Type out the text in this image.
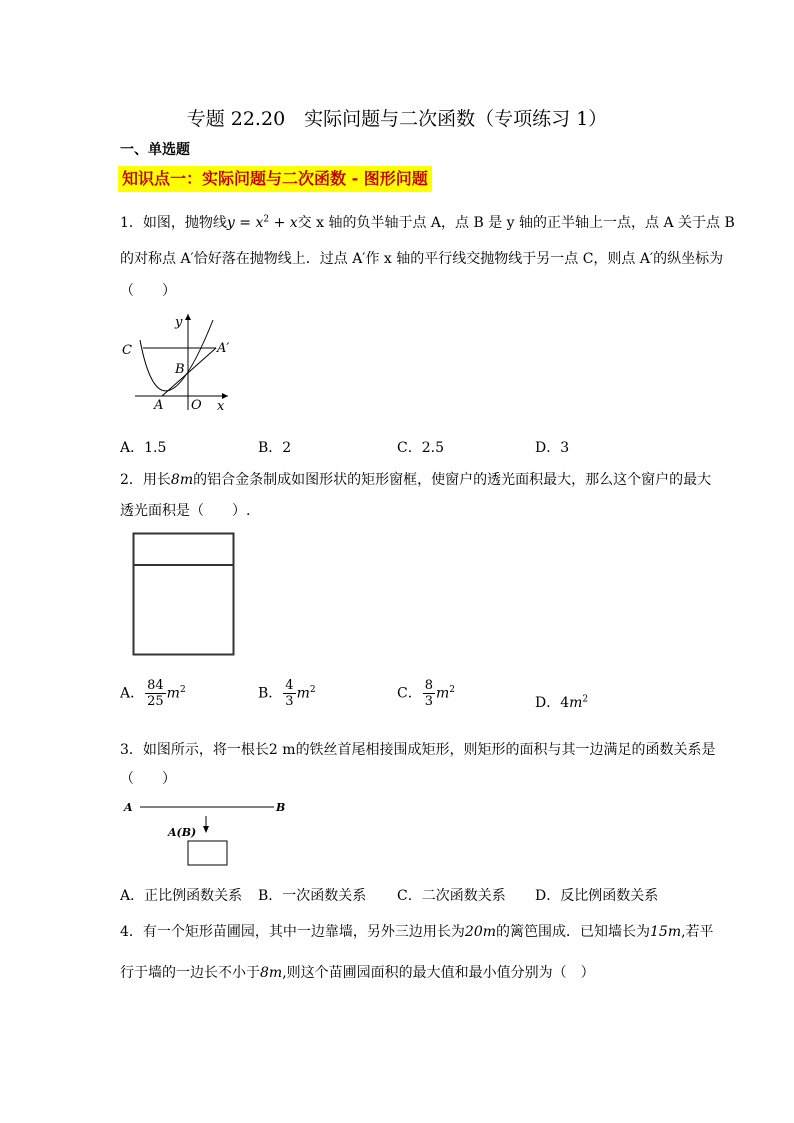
专题 22.20　实际问题与二次函数（专项练习 1）
一、单选题
知识点一：实际问题与二次函数 - 图形问题
1．如图，抛物线$y = x^2 + x$交 x 轴的负半轴于点 A，点 B 是 y 轴的正半轴上一点，点 A 关于点 B
的对称点 A′恰好落在抛物线上．过点 A′作 x 轴的平行线交抛物线于另一点 C，则点 A′的纵坐标为
（　　）
C	A′
B
A O
y
x
A．1.5	B．2	C．2.5	D．3
2．用长8m的铝合金条制成如图形状的矩形窗框，使窗户的透光面积最大，那么这个窗户的最大
透光面积是（　　）.
A． $\frac{84}{25} m^2$	B． $\frac{4}{3} m^2$	C． $\frac{8}{3} m^2$
D．$4m^2$
3．如图所示，将一根长2 m的铁丝首尾相接围成矩形，则矩形的面积与其一边满足的函数关系是
（　　）
A	B
A(B)
A．正比例函数关系 B．一次函数关系 C．二次函数关系 D．反比例函数关系
4．有一个矩形苗圃园，其中一边靠墙，另外三边用长为20m的篱笆围成．已知墙长为15m,若平
行于墙的一边长不小于8m,则这个苗圃园面积的最大值和最小值分别为（　）
